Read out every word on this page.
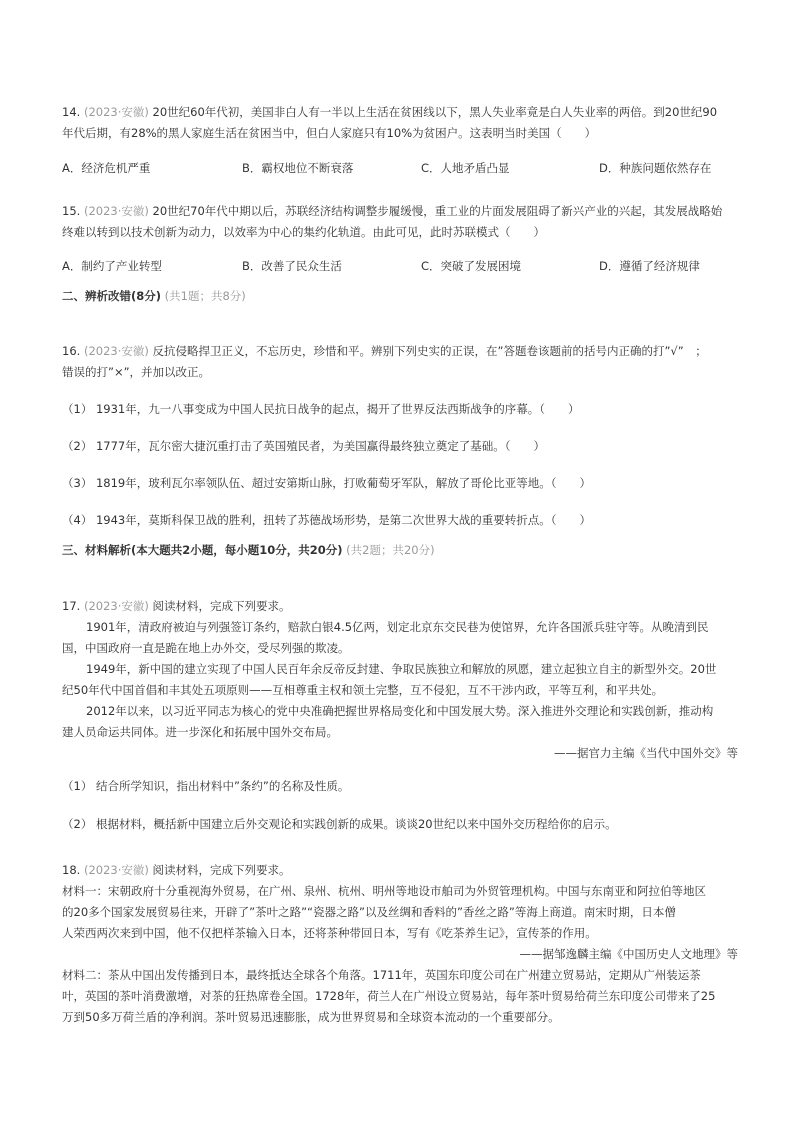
14. (2023·安徽) 20世纪60年代初，美国非白人有一半以上生活在贫困线以下，黑人失业率竟是白人失业率的两倍。到20世纪90
年代后期，有28%的黑人家庭生活在贫困当中，但白人家庭只有10%为贫困户。这表明当时美国（　　）
A．经济危机严重	B．霸权地位不断衰落	C．人地矛盾凸显	D．种族问题依然存在
15. (2023·安徽) 20世纪70年代中期以后，苏联经济结构调整步履缓慢，重工业的片面发展阻碍了新兴产业的兴起，其发展战略始
终难以转到以技术创新为动力，以效率为中心的集约化轨道。由此可见，此时苏联模式（　　）
A．制约了产业转型	B．改善了民众生活	C．突破了发展困境	D．遵循了经济规律
二、辨析改错(8分) (共1题；共8分)
16. (2023·安徽) 反抗侵略捍卫正义，不忘历史，珍惜和平。辨别下列史实的正误，在”答题卷该题前的括号内正确的打”√”　；
错误的打”×”，并加以改正。
（1） 1931年，九一八事变成为中国人民抗日战争的起点，揭开了世界反法西斯战争的序幕。（　　）
（2） 1777年，瓦尔密大捷沉重打击了英国殖民者，为美国赢得最终独立奠定了基础。（　　）
（3） 1819年，玻利瓦尔率领队伍、超过安第斯山脉，打败葡萄牙军队，解放了哥伦比亚等地。（　　）
（4） 1943年，莫斯科保卫战的胜利，扭转了苏德战场形势，是第二次世界大战的重要转折点。（　　）
三、材料解析(本大题共2小题，每小题10分，共20分) (共2题；共20分)
17. (2023·安徽) 阅读材料，完成下列要求。
1901年，清政府被迫与列强签订条约，赔款白银4.5亿两，划定北京东交民巷为使馆界，允许各国派兵驻守等。从晚清到民
国，中国政府一直是跪在地上办外交，受尽列强的欺凌。
1949年，新中国的建立实现了中国人民百年余反帝反封建、争取民族独立和解放的夙愿，建立起独立自主的新型外交。20世
纪50年代中国首倡和丰其处五项原则——互相尊重主权和领土完整，互不侵犯，互不干涉内政，平等互利，和平共处。
2012年以来，以习近平同志为核心的党中央准确把握世界格局变化和中国发展大势。深入推进外交理论和实践创新，推动构
建人员命运共同体。进一步深化和拓展中国外交布局。
——据官力主编《当代中国外交》等
（1） 结合所学知识，指出材料中”条约”的名称及性质。
（2） 根据材料，概括新中国建立后外交观论和实践创新的成果。谈谈20世纪以来中国外交历程给你的启示。
18. (2023·安徽) 阅读材料，完成下列要求。
材料一：宋朝政府十分重视海外贸易，在广州、泉州、杭州、明州等地设市舶司为外贸管理机构。中国与东南亚和阿拉伯等地区
的20多个国家发展贸易往来，开辟了”茶叶之路”“瓷器之路”以及丝绸和香料的”香丝之路”等海上商道。南宋时期，日本僧
人荣西两次来到中国，他不仅把样茶输入日本，还将茶种带回日本，写有《吃茶养生记》，宣传茶的作用。
——据邹逸麟主编《中国历史人文地理》等
材料二：茶从中国出发传播到日本，最终抵达全球各个角落。1711年，英国东印度公司在广州建立贸易站，定期从广州装运茶
叶，英国的茶叶消费激增，对茶的狂热席卷全国。1728年，荷兰人在广州设立贸易站，每年茶叶贸易给荷兰东印度公司带来了25
万到50多万荷兰盾的净利润。茶叶贸易迅速膨胀，成为世界贸易和全球资本流动的一个重要部分。
